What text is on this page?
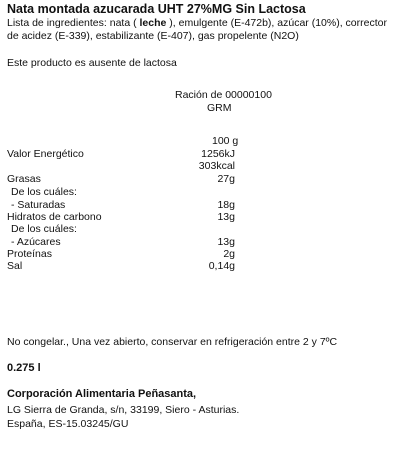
Nata montada azucarada UHT 27%MG Sin Lactosa
Lista de ingredientes: nata ( leche ), emulgente (E-472b), azúcar (10%), corrector de acidez (E-339), estabilizante (E-407), gas propelente (N2O)
Este producto es ausente de lactosa
Ración de 00000100
GRM
100 g
Valor Energético	1256kJ
303kcal
Grasas	27g
De los cuáles:
- Saturadas	18g
Hidratos de carbono	13g
De los cuáles:
- Azúcares	13g
Proteínas	2g
Sal	0,14g
No congelar., Una vez abierto, conservar en refrigeración entre 2 y 7ºC
0.275 l
Corporación Alimentaria Peñasanta,
LG Sierra de Granda, s/n, 33199, Siero - Asturias.
España, ES-15.03245/GU
